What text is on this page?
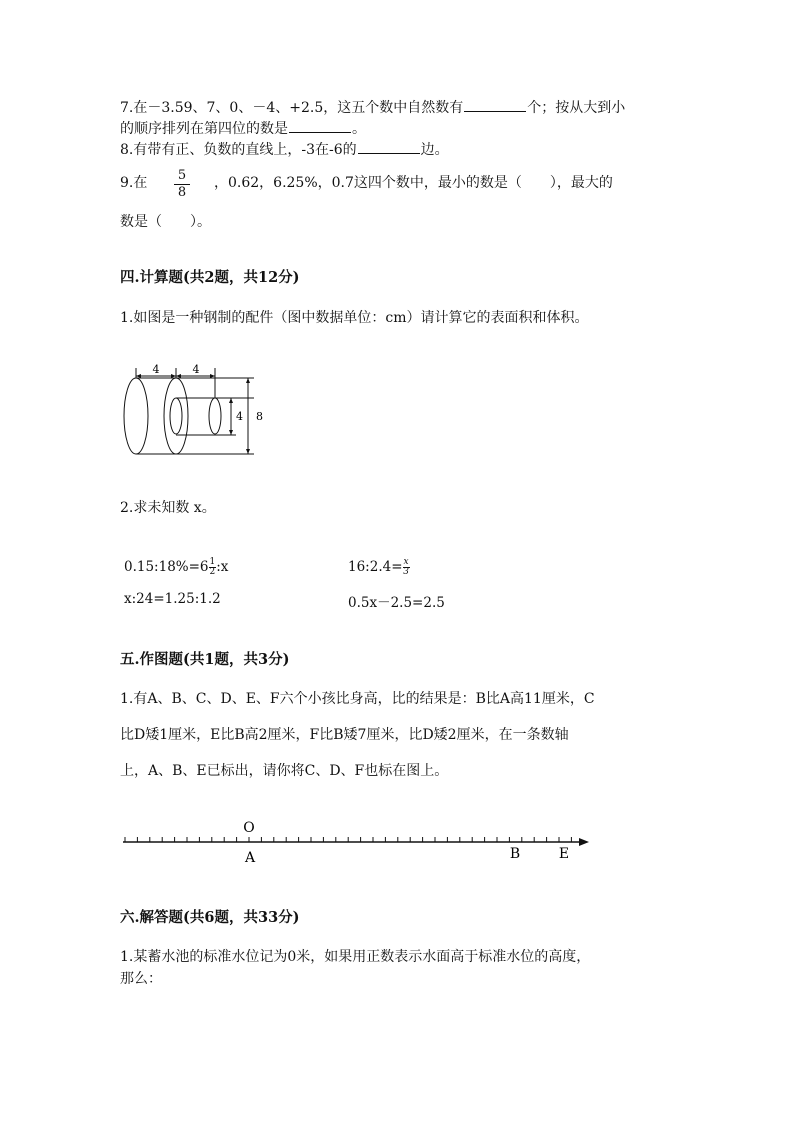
7.在－3.59、7、0、－4、+2.5，这五个数中自然数有	个；按从大到小
的顺序排列在第四位的数是	。
8.有带有正、负数的直线上，-3在-6的	边。
9.在 $\frac{5}{8}$ ，0.62，6.25%，0.7这四个数中，最小的数是（　　），最大的
数是（　　）。
四.计算题(共2题，共12分)
1.如图是一种钢制的配件（图中数据单位：cm）请计算它的表面积和体积。
4	4
4 8
2.求未知数 x。
0.15:18%=6 $\frac{1}{2}$ :x	16:2.4= $\frac{x}{3}$
x:24=1.25:1.2	0.5x－2.5=2.5
五.作图题(共1题，共3分)
1.有A、B、C、D、E、F六个小孩比身高，比的结果是：B比A高11厘米，C
比D矮1厘米，E比B高2厘米，F比B矮7厘米，比D矮2厘米，在一条数轴
上，A、B、E已标出，请你将C、D、F也标在图上。
O
A	B	E
六.解答题(共6题，共33分)
1.某蓄水池的标准水位记为0米，如果用正数表示水面高于标准水位的高度，
那么：
